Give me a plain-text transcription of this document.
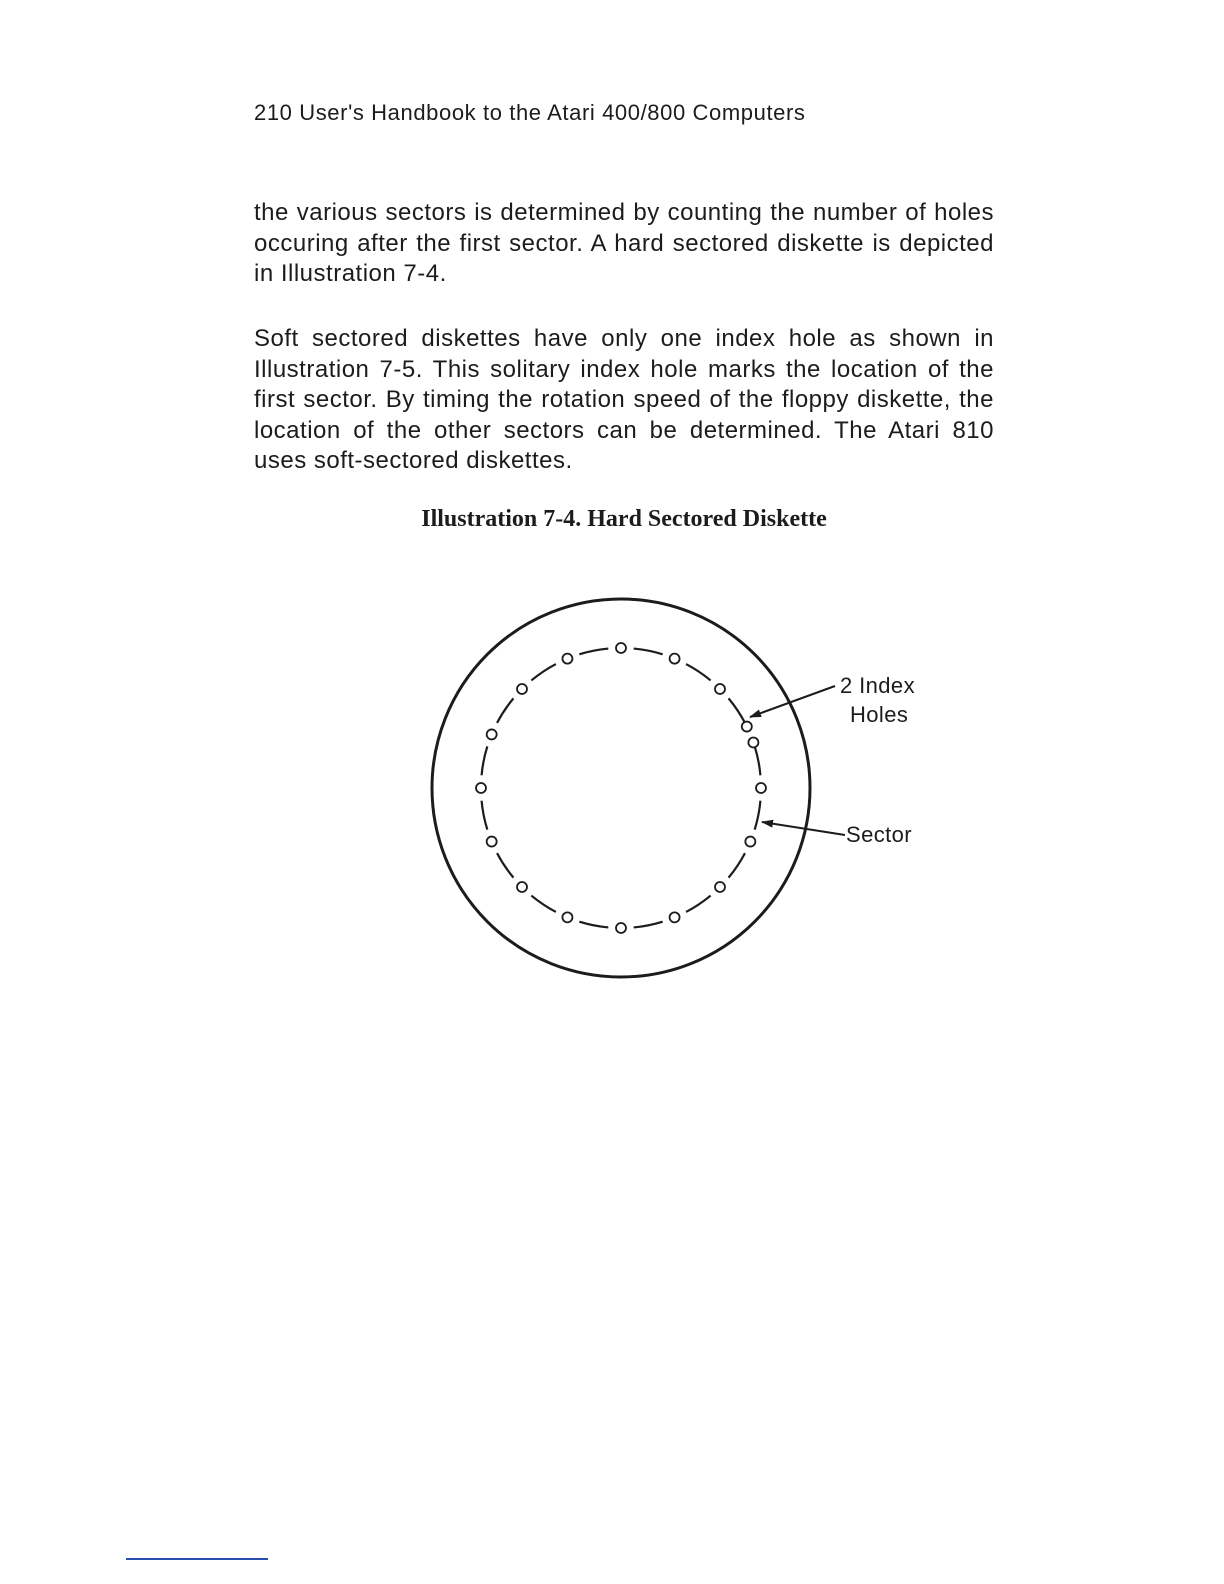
210 User's Handbook to the Atari 400/800 Computers

the various sectors is determined by counting the number of holes occuring after the first sector. A hard sectored diskette is depicted in Illustration 7-4.

Soft sectored diskettes have only one index hole as shown in Illustration 7-5. This solitary index hole marks the location of the first sector. By timing the rotation speed of the floppy diskette, the location of the other sectors can be determined. The Atari 810 uses soft-sectored diskettes.

Illustration 7-4. Hard Sectored Diskette
2 Index
Holes
Sector
